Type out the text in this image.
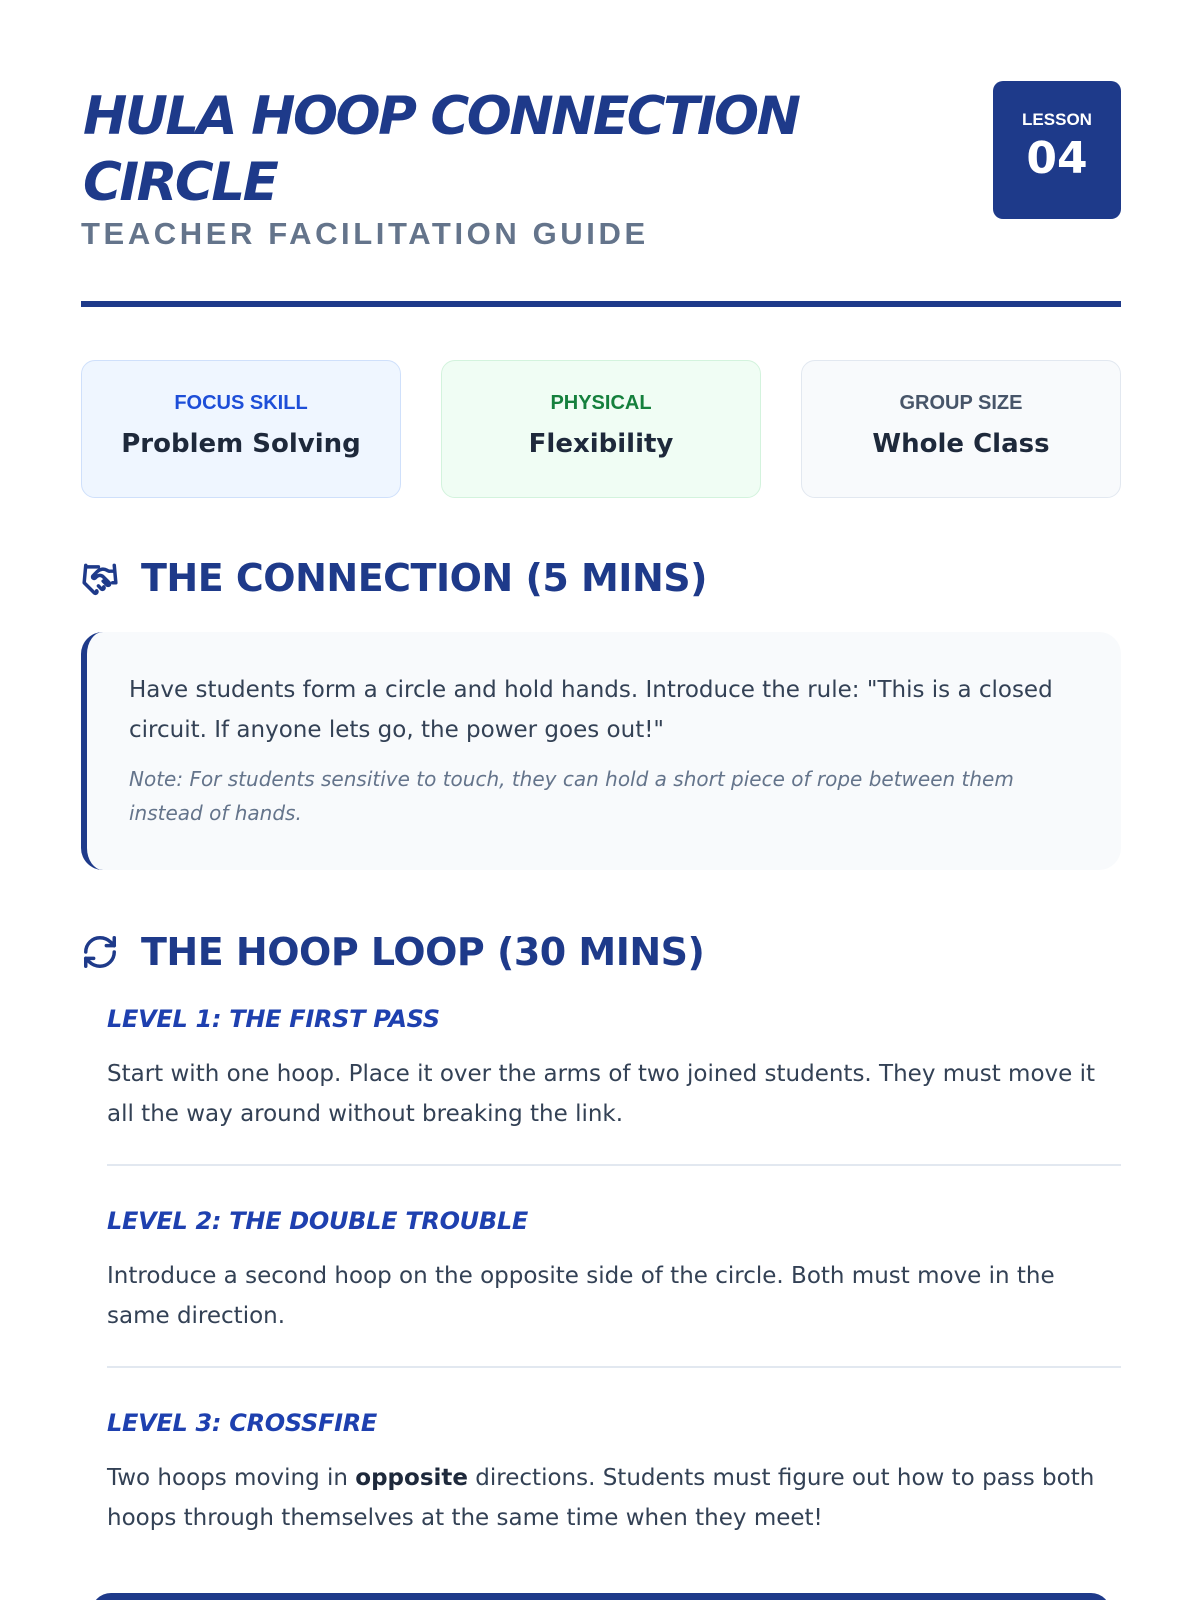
HULA HOOP CONNECTION CIRCLE
TEACHER FACILITATION GUIDE
LESSON
04
FOCUS SKILL
Problem Solving
PHYSICAL
Flexibility
GROUP SIZE
Whole Class
THE CONNECTION (5 MINS)
Have students form a circle and hold hands. Introduce the rule: "This is a closed circuit. If anyone lets go, the power goes out!"
Note: For students sensitive to touch, they can hold a short piece of rope between them instead of hands.
THE HOOP LOOP (30 MINS)
LEVEL 1: THE FIRST PASS
Start with one hoop. Place it over the arms of two joined students. They must move it all the way around without breaking the link.
LEVEL 2: THE DOUBLE TROUBLE
Introduce a second hoop on the opposite side of the circle. Both must move in the same direction.
LEVEL 3: CROSSFIRE
Two hoops moving in opposite directions. Students must figure out how to pass both hoops through themselves at the same time when they meet!
